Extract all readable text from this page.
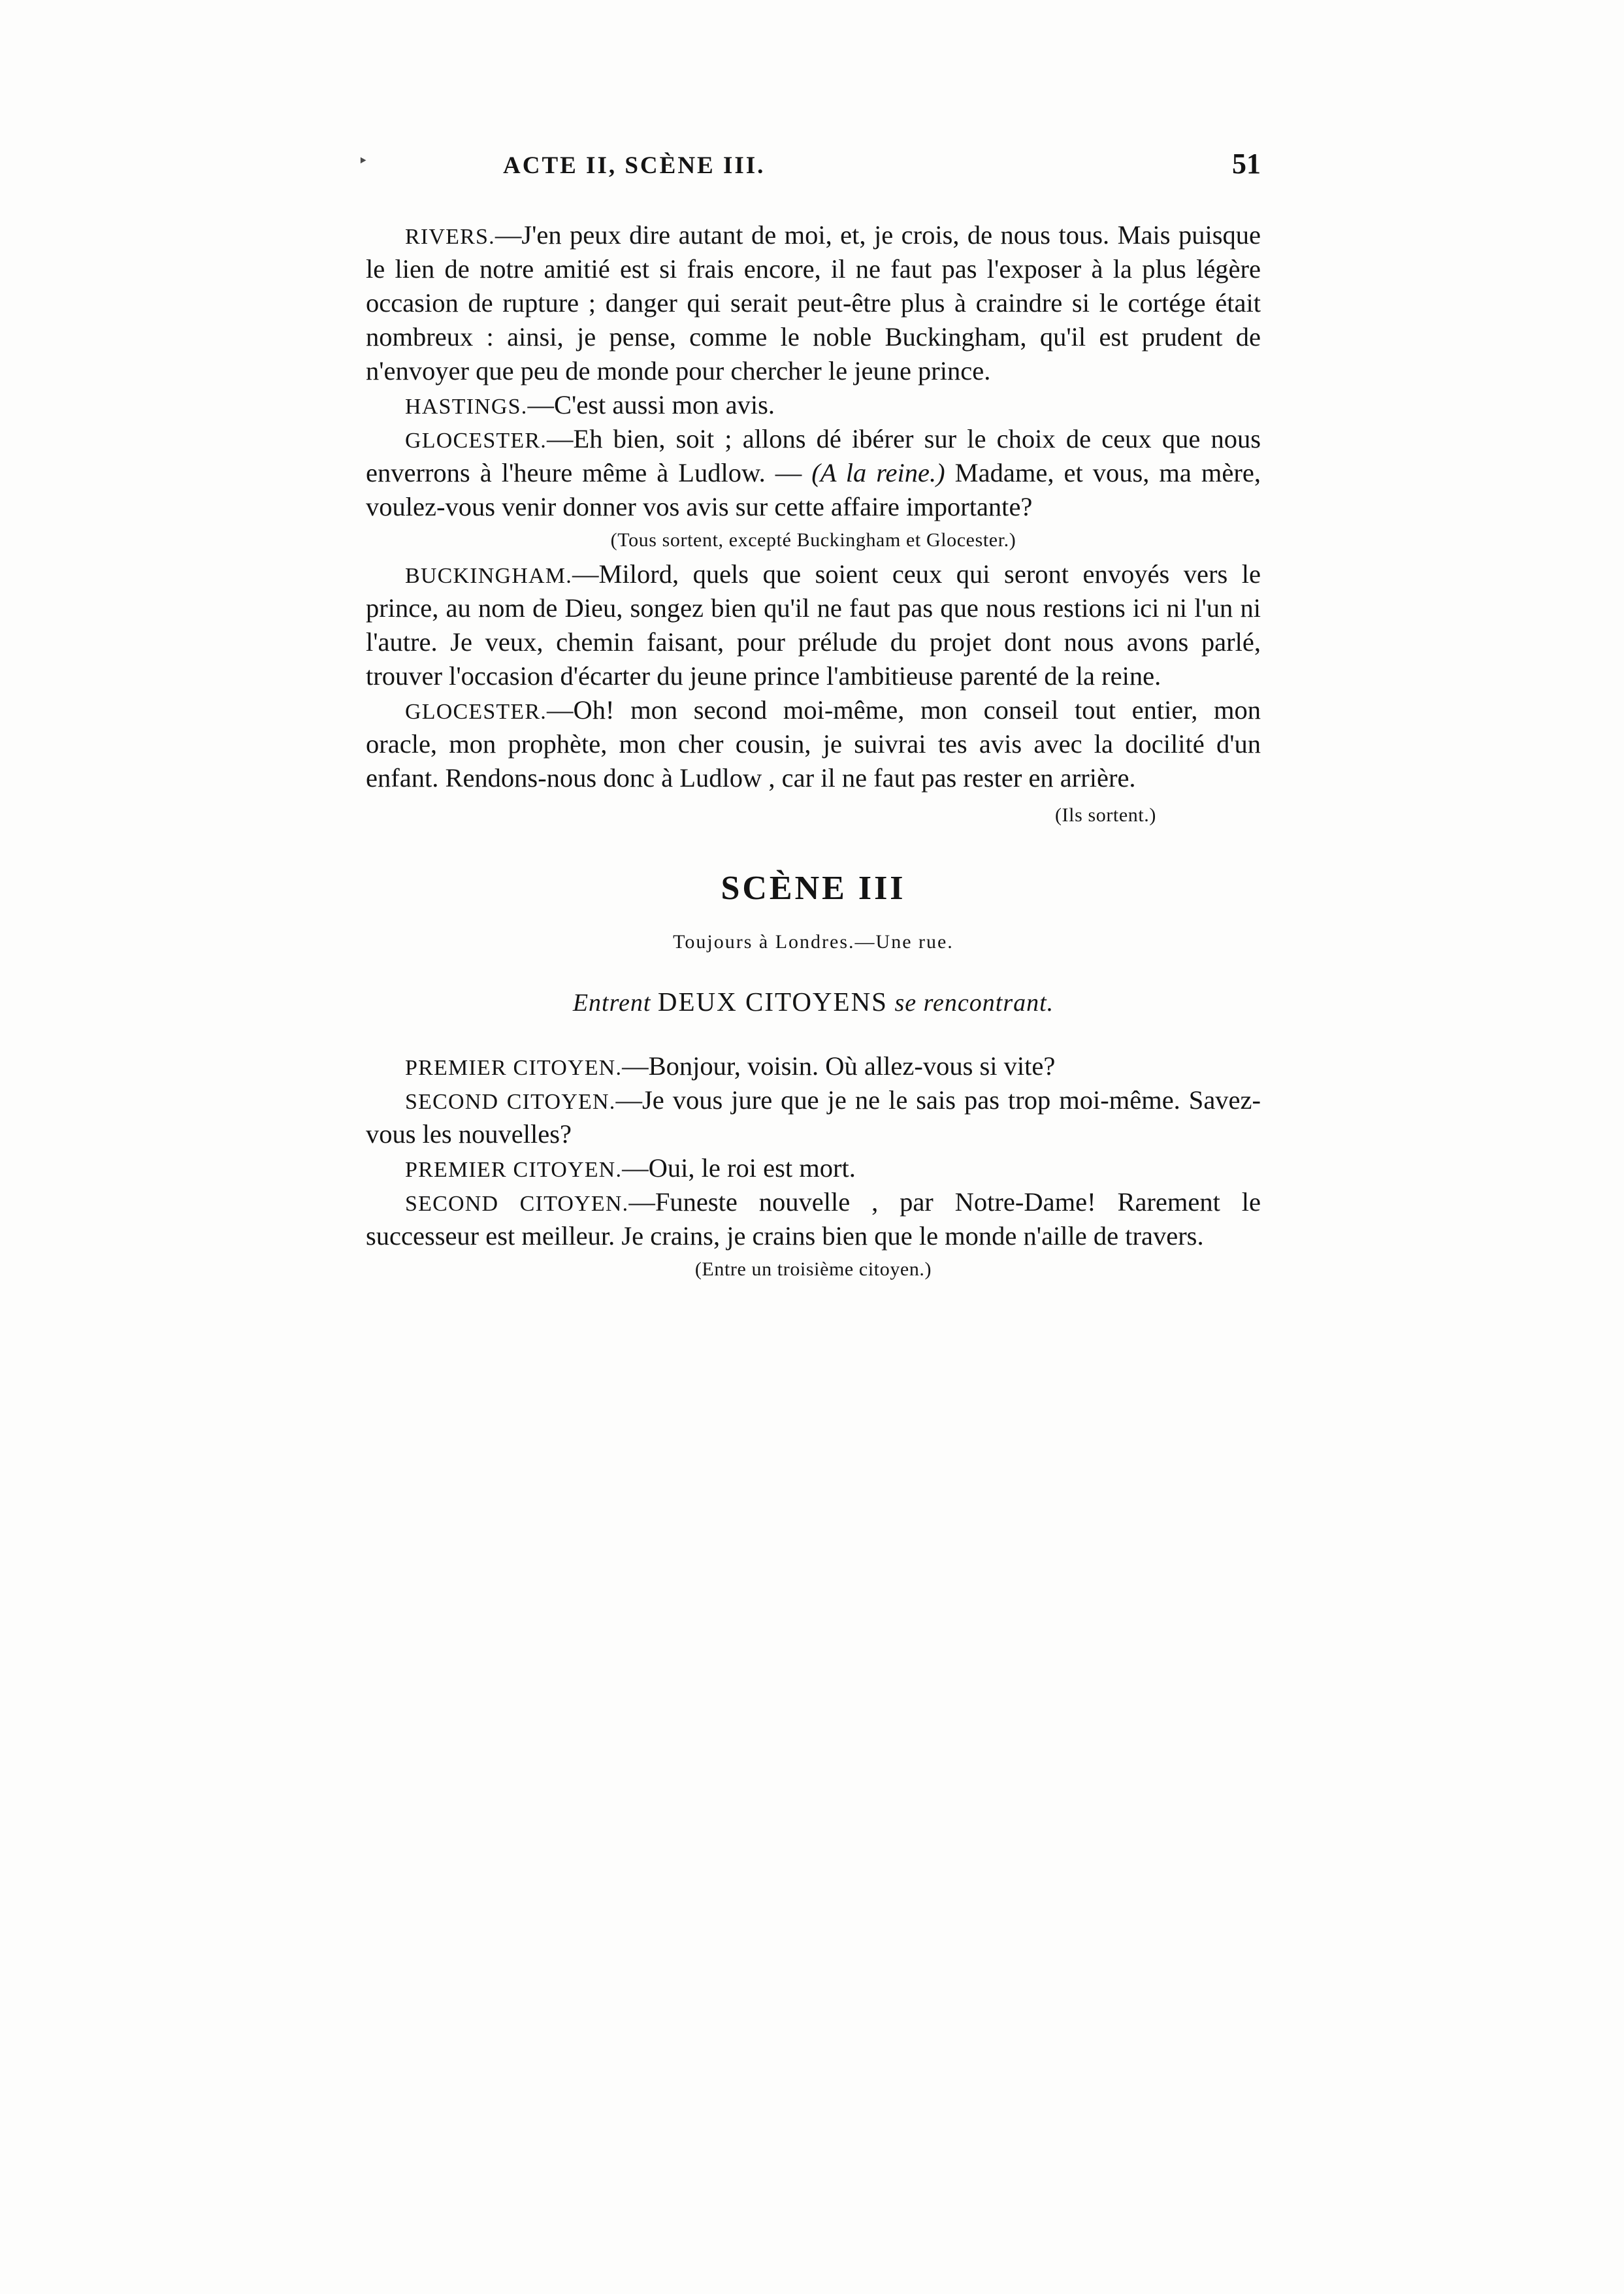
‣	ACTE II, SCÈNE III.	51

RIVERS.—J'en peux dire autant de moi, et, je crois, de nous tous. Mais puisque le lien de notre amitié est si frais encore, il ne faut pas l'exposer à la plus légère occasion de rupture ; danger qui serait peut-être plus à craindre si le cortége était nombreux : ainsi, je pense, comme le noble Buckingham, qu'il est prudent de n'envoyer que peu de monde pour chercher le jeune prince.

HASTINGS.—C'est aussi mon avis.

GLOCESTER.—Eh bien, soit ; allons dé ibérer sur le choix de ceux que nous enverrons à l'heure même à Ludlow. — (A la reine.) Madame, et vous, ma mère, voulez-vous venir donner vos avis sur cette affaire importante?

(Tous sortent, excepté Buckingham et Glocester.)

BUCKINGHAM.—Milord, quels que soient ceux qui seront envoyés vers le prince, au nom de Dieu, songez bien qu'il ne faut pas que nous restions ici ni l'un ni l'autre. Je veux, chemin faisant, pour prélude du projet dont nous avons parlé, trouver l'occasion d'écarter du jeune prince l'ambitieuse parenté de la reine.

GLOCESTER.—Oh! mon second moi-même, mon conseil tout entier, mon oracle, mon prophète, mon cher cousin, je suivrai tes avis avec la docilité d'un enfant. Rendons-nous donc à Ludlow , car il ne faut pas rester en arrière.

(Ils sortent.)

SCÈNE III

Toujours à Londres.—Une rue.

Entrent DEUX CITOYENS se rencontrant.

PREMIER CITOYEN.—Bonjour, voisin. Où allez-vous si vite?

SECOND CITOYEN.—Je vous jure que je ne le sais pas trop moi-même. Savez-vous les nouvelles?

PREMIER CITOYEN.—Oui, le roi est mort.

SECOND CITOYEN.—Funeste nouvelle , par Notre-Dame! Rarement le successeur est meilleur. Je crains, je crains bien que le monde n'aille de travers.

(Entre un troisième citoyen.)
